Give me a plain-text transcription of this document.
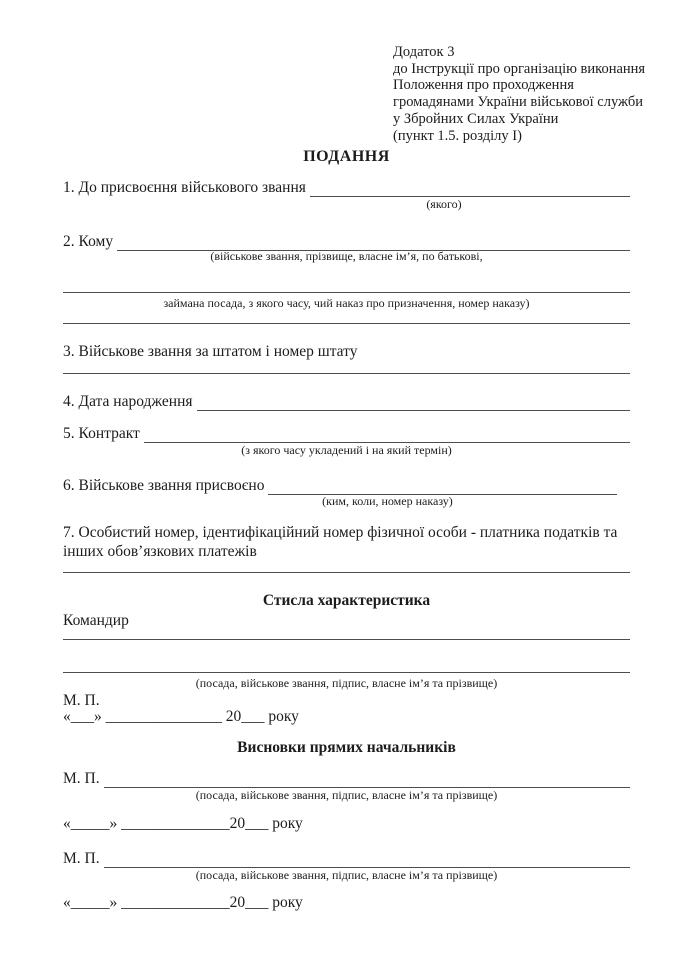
Додаток 3
до Інструкції про організацію виконання
Положення про проходження
громадянами України військової служби
у Збройних Силах України
(пункт 1.5. розділу І)
ПОДАННЯ
1. До присвоєння військового звання
(якого)
2. Кому
(військове звання, прізвище, власне ім’я, по батькові,
займана посада, з якого часу, чий наказ про призначення, номер наказу)
3. Військове звання за штатом і номер штату
4. Дата народження
5. Контракт
(з якого часу укладений і на який термін)
6. Військове звання присвоєно
(ким, коли, номер наказу)
7. Особистий номер, ідентифікаційний номер фізичної особи - платника податків та інших обов’язкових платежів
Стисла характеристика
Командир
(посада, військове звання, підпис, власне ім’я та прізвище)
М. П.
«___» _______________ 20___ року
Висновки прямих начальників
М. П.
(посада, військове звання, підпис, власне ім’я та прізвище)
«_____» ______________20___ року
М. П.
(посада, військове звання, підпис, власне ім’я та прізвище)
«_____» ______________20___ року
